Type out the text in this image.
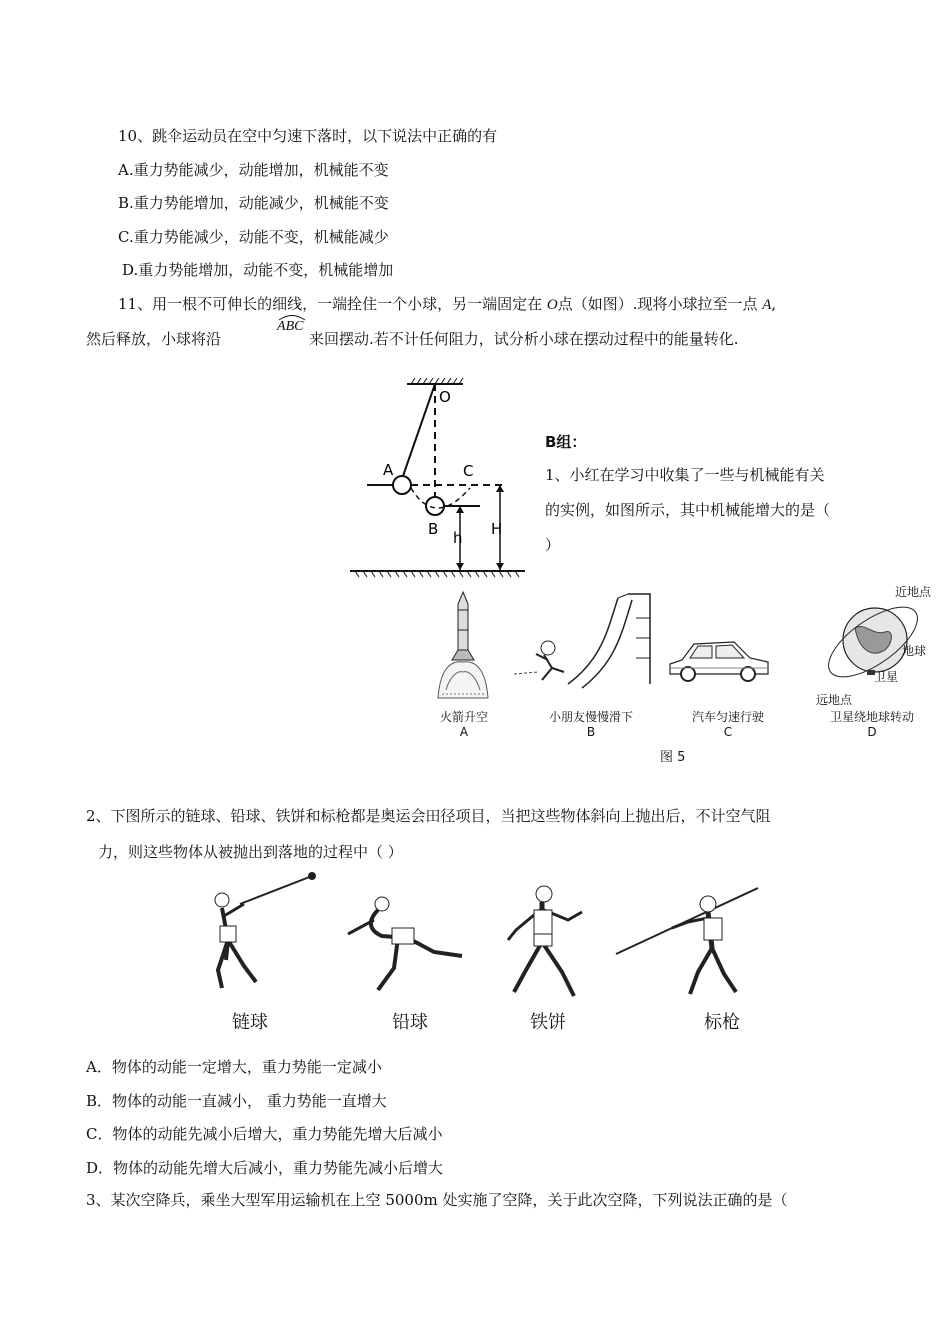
10、跳伞运动员在空中匀速下落时，以下说法中正确的有
A.重力势能减少，动能增加，机械能不变
B.重力势能增加，动能减少，机械能不变
C.重力势能减少，动能不变，机械能减少
D.重力势能增加，动能不变，机械能增加
11、用一根不可伸长的细线，一端拴住一个小球，另一端固定在 O点（如图）.现将小球拉至一点 A,
然后释放，小球将沿
ABC
来回摆动.若不计任何阻力，试分析小球在摆动过程中的能量转化.
O
A	C
B h H
B组：
1、小红在学习中收集了一些与机械能有关
的实例，如图所示，其中机械能增大的是（
）
近地点
地球
卫星
远地点
火箭升空
A
小朋友慢慢滑下
B
汽车匀速行驶
C
卫星绕地球转动
D
图 5
2、下图所示的链球、铅球、铁饼和标枪都是奥运会田径项目，当把这些物体斜向上抛出后，不计空气阻
力，则这些物体从被抛出到落地的过程中（ ）
链球	铅球	铁饼	标枪
A．物体的动能一定增大，重力势能一定减小
B．物体的动能一直减小， 重力势能一直增大
C．物体的动能先减小后增大，重力势能先增大后减小
D．物体的动能先增大后减小，重力势能先减小后增大
3、某次空降兵，乘坐大型军用运输机在上空 5000m 处实施了空降，关于此次空降，下列说法正确的是（
